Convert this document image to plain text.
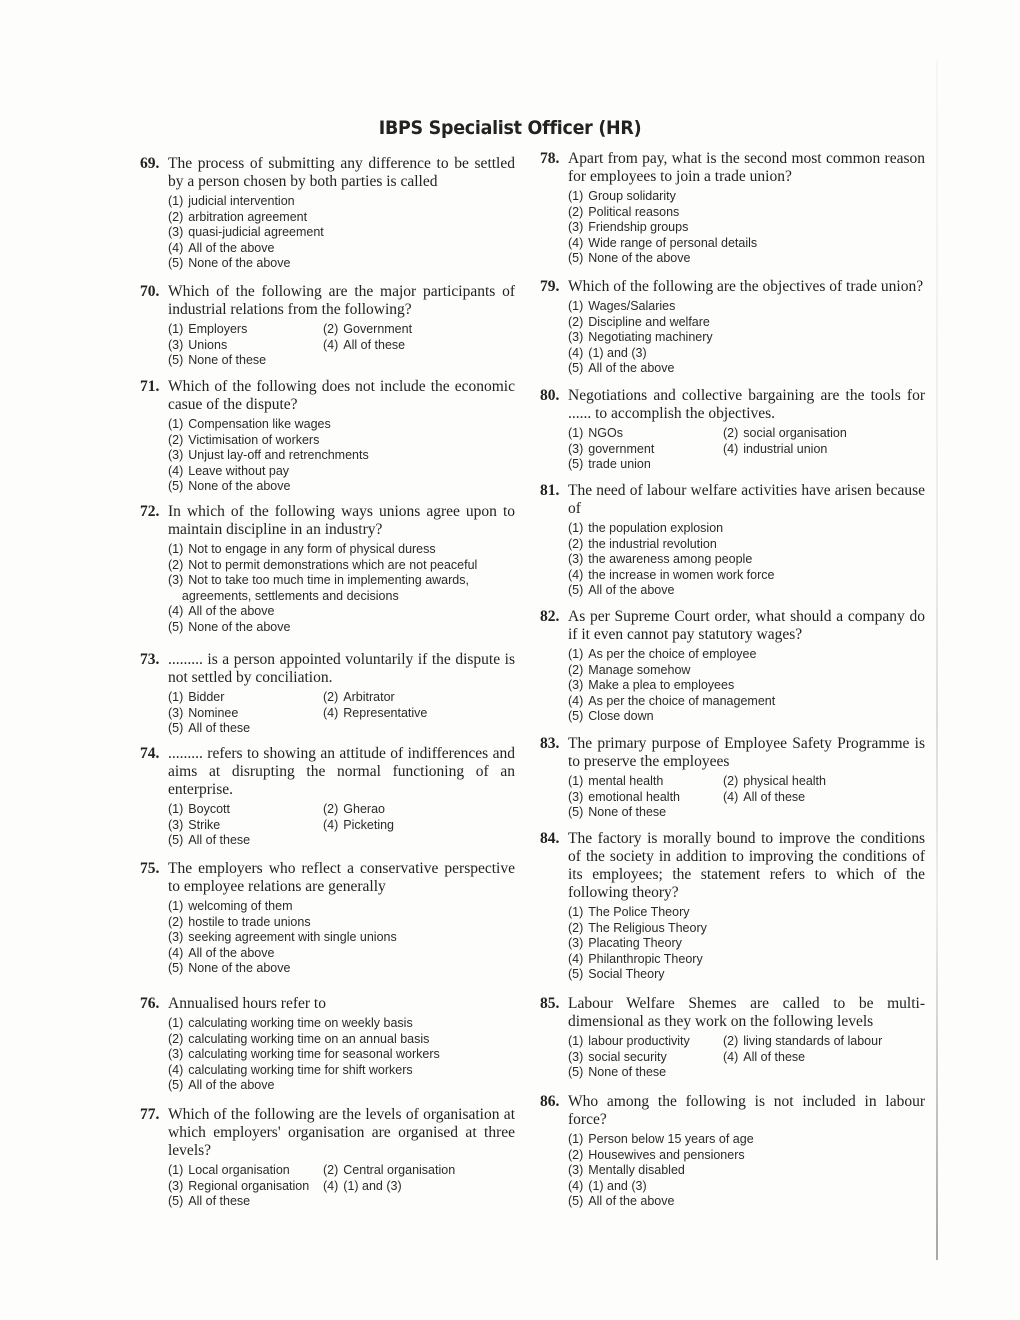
IBPS Specialist Officer (HR)
69. The process of submitting any difference to be settled by a person chosen by both parties is called
(1) judicial intervention
(2) arbitration agreement
(3) quasi-judicial agreement
(4) All of the above
(5) None of the above
70. Which of the following are the major participants of industrial relations from the following?
(1) Employers	(2) Government
(3) Unions	(4) All of these
(5) None of these
71. Which of the following does not include the economic casue of the dispute?
(1) Compensation like wages
(2) Victimisation of workers
(3) Unjust lay-off and retrenchments
(4) Leave without pay
(5) None of the above
72. In which of the following ways unions agree upon to maintain discipline in an industry?
(1) Not to engage in any form of physical duress
(2) Not to permit demonstrations which are not peaceful
(3) Not to take too much time in implementing awards,
agreements, settlements and decisions
(4) All of the above
(5) None of the above
73. ......... is a person appointed voluntarily if the dispute is not settled by conciliation.
(1) Bidder	(2) Arbitrator
(3) Nominee	(4) Representative
(5) All of these
74. ......... refers to showing an attitude of indifferences and aims at disrupting the normal functioning of an enterprise.
(1) Boycott	(2) Gherao
(3) Strike	(4) Picketing
(5) All of these
75. The employers who reflect a conservative perspective to employee relations are generally
(1) welcoming of them
(2) hostile to trade unions
(3) seeking agreement with single unions
(4) All of the above
(5) None of the above
76. Annualised hours refer to
(1) calculating working time on weekly basis
(2) calculating working time on an annual basis
(3) calculating working time for seasonal workers
(4) calculating working time for shift workers
(5) All of the above
77. Which of the following are the levels of organisation at which employers' organisation are organised at three levels?
(1) Local organisation	(2) Central organisation
(3) Regional organisation	(4) (1) and (3)
(5) All of these
78. Apart from pay, what is the second most common reason for employees to join a trade union?
(1) Group solidarity
(2) Political reasons
(3) Friendship groups
(4) Wide range of personal details
(5) None of the above
79. Which of the following are the objectives of trade union?
(1) Wages/Salaries
(2) Discipline and welfare
(3) Negotiating machinery
(4) (1) and (3)
(5) All of the above
80. Negotiations and collective bargaining are the tools for ...... to accomplish the objectives.
(1) NGOs	(2) social organisation
(3) government	(4) industrial union
(5) trade union
81. The need of labour welfare activities have arisen because of
(1) the population explosion
(2) the industrial revolution
(3) the awareness among people
(4) the increase in women work force
(5) All of the above
82. As per Supreme Court order, what should a company do if it even cannot pay statutory wages?
(1) As per the choice of employee
(2) Manage somehow
(3) Make a plea to employees
(4) As per the choice of management
(5) Close down
83. The primary purpose of Employee Safety Programme is to preserve the employees
(1) mental health	(2) physical health
(3) emotional health	(4) All of these
(5) None of these
84. The factory is morally bound to improve the conditions of the society in addition to improving the conditions of its employees; the statement refers to which of the following theory?
(1) The Police Theory
(2) The Religious Theory
(3) Placating Theory
(4) Philanthropic Theory
(5) Social Theory
85. Labour Welfare Shemes are called to be multi-dimensional as they work on the following levels
(1) labour productivity	(2) living standards of labour
(3) social security	(4) All of these
(5) None of these
86. Who among the following is not included in labour force?
(1) Person below 15 years of age
(2) Housewives and pensioners
(3) Mentally disabled
(4) (1) and (3)
(5) All of the above
